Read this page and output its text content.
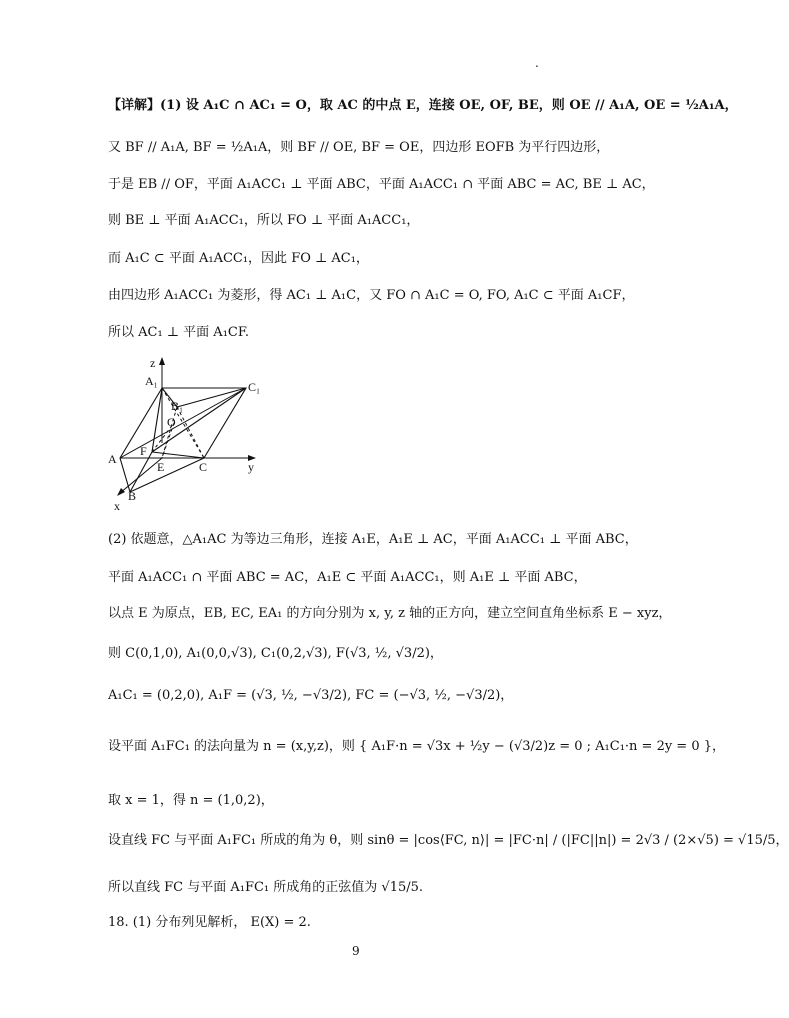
.
【详解】(1) 设 A₁C ∩ AC₁ = O，取 AC 的中点 E，连接 OE, OF, BE，则 OE // A₁A, OE = ½A₁A，
又 BF // A₁A, BF = ½A₁A，则 BF // OE, BF = OE，四边形 EOFB 为平行四边形，
于是 EB // OF，平面 A₁ACC₁ ⊥ 平面 ABC，平面 A₁ACC₁ ∩ 平面 ABC = AC, BE ⊥ AC，
则 BE ⊥ 平面 A₁ACC₁，所以 FO ⊥ 平面 A₁ACC₁，
而 A₁C ⊂ 平面 A₁ACC₁，因此 FO ⊥ AC₁，
由四边形 A₁ACC₁ 为菱形，得 AC₁ ⊥ A₁C，又 FO ∩ A₁C = O, FO, A₁C ⊂ 平面 A₁CF，
所以 AC₁ ⊥ 平面 A₁CF.
z
A₁	C₁
B₁
O
A
F
E	C	y
B
x
(2) 依题意，△A₁AC 为等边三角形，连接 A₁E，A₁E ⊥ AC，平面 A₁ACC₁ ⊥ 平面 ABC，
平面 A₁ACC₁ ∩ 平面 ABC = AC，A₁E ⊂ 平面 A₁ACC₁，则 A₁E ⊥ 平面 ABC，
以点 E 为原点，EB, EC, EA₁ 的方向分别为 x, y, z 轴的正方向，建立空间直角坐标系 E − xyz，
则 C(0,1,0), A₁(0,0,√3), C₁(0,2,√3), F(√3, ½, √3/2)，
A₁C₁ = (0,2,0), A₁F = (√3, ½, −√3/2), FC = (−√3, ½, −√3/2)，
设平面 A₁FC₁ 的法向量为 n = (x,y,z)，则 { A₁F·n = √3x + ½y − (√3/2)z = 0 ; A₁C₁·n = 2y = 0 }，
取 x = 1，得 n = (1,0,2)，
设直线 FC 与平面 A₁FC₁ 所成的角为 θ，则 sinθ = |cos⟨FC, n⟩| = |FC·n| / (|FC||n|) = 2√3 / (2×√5) = √15/5，
所以直线 FC 与平面 A₁FC₁ 所成角的正弦值为 √15/5.
18. (1) 分布列见解析， E(X) = 2.
9
